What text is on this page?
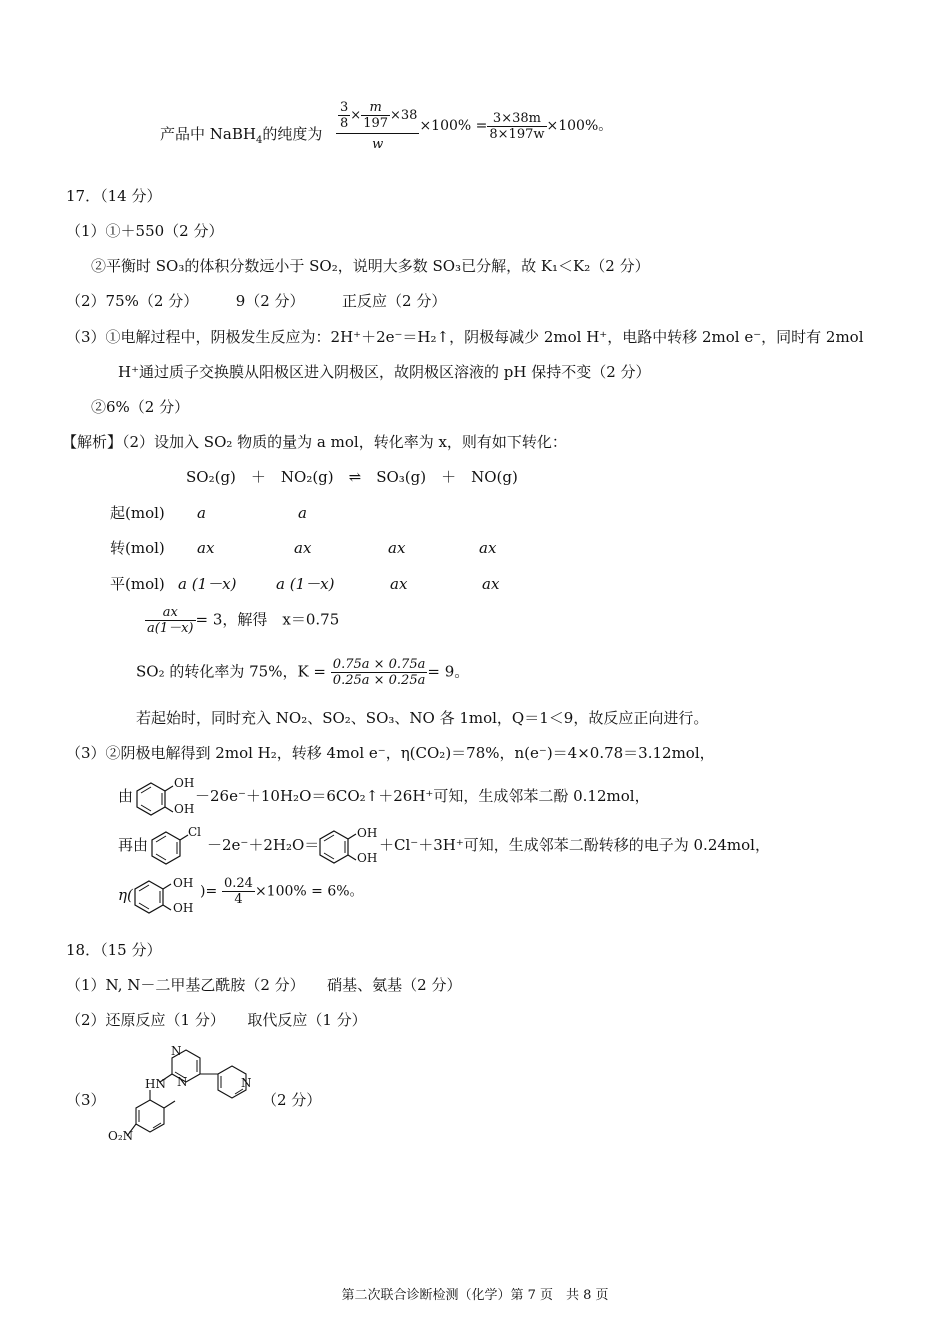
产品中 NaBH$_4$的纯度为 $\frac{\frac{3}{8} \times \frac{m}{197} \times 38}{w} \times 100\% = \frac{3\times 38m}{8\times 197w} \times 100\%$。
17．（14 分）
（1）①＋550（2 分）
②平衡时 SO₃的体积分数远小于 SO₂，说明大多数 SO₃已分解，故 K₁＜K₂（2 分）
（2）75%（2 分）　　　9（2 分）　　　正反应（2 分）
（3）①电解过程中，阴极发生反应为：2H⁺＋2e⁻＝H₂↑，阴极每减少 2mol H⁺，电路中转移 2mol e⁻，同时有 2mol
H⁺通过质子交换膜从阳极区进入阴极区，故阴极区溶液的 pH 保持不变（2 分）
②6%（2 分）
【解析】（2）设加入 SO₂ 物质的量为 a mol，转化率为 x，则有如下转化：
SO₂(g)　＋　NO₂(g)　⇌　SO₃(g)　＋　NO(g)
起(mol) a	a
转(mol) ax	ax	ax	ax
平(mol) a (1－x)	a (1－x)	ax	ax
$\frac{ax}{a(1-x)} = 3$，解得　x＝0.75
SO₂ 的转化率为 75%，$K = \frac{0.75a \times 0.75a}{0.25a \times 0.25a} = 9$。
若起始时，同时充入 NO₂、SO₂、SO₃、NO 各 1mol，Q＝1＜9，故反应正向进行。
（3）②阴极电解得到 2mol H₂，转移 4mol e⁻，η(CO₂)＝78%，n(e⁻)＝4×0.78＝3.12mol，
由
OH
OH
－26e⁻＋10H₂O＝6CO₂↑＋26H⁺可知，生成邻苯二酚 0.12mol，
再由
Cl
－2e⁻＋2H₂O＝
OH
OH
＋Cl⁻＋3H⁺可知，生成邻苯二酚转移的电子为 0.24mol，
η(
OH
OH
)= $\frac{0.24}{4} \times 100\% = 6\%$。
18．（15 分）
（1）N, N－二甲基乙酰胺（2 分）　　硝基、氨基（2 分）
（2）还原反应（1 分）　　取代反应（1 分）
（3）
N
N	N
HN
O₂N
（2 分）
第二次联合诊断检测（化学）第 7 页　共 8 页
